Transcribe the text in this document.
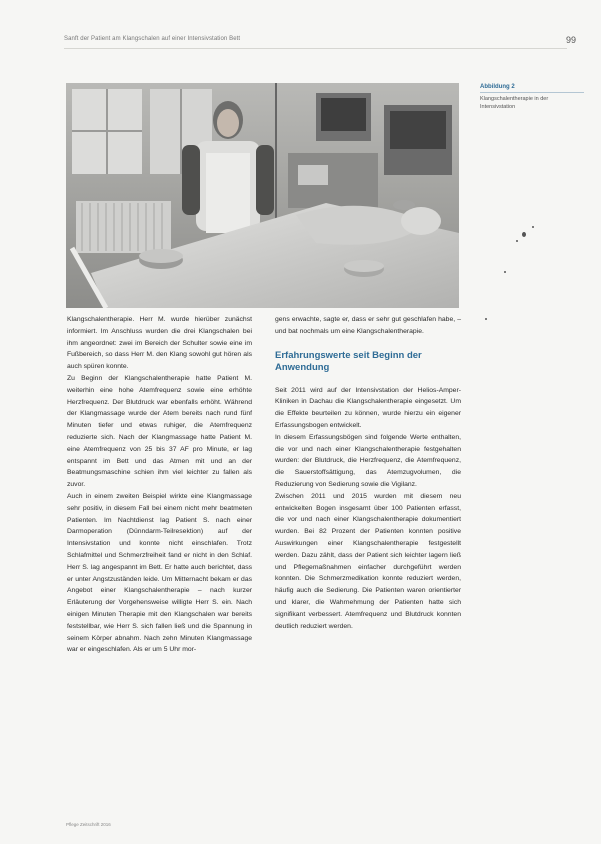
Sanft der Patient am Klangschalen auf einer Intensivstation Bett	99
Abbildung 2
Klangschalentherapie in der Intensivstation

Klangschalentherapie. Herr M. wurde hierüber zunächst informiert. Im Anschluss wurden die drei Klangschalen bei ihm angeordnet: zwei im Bereich der Schulter sowie eine im Fußbereich, so dass Herr M. den Klang sowohl gut hören als auch spüren konnte.

Zu Beginn der Klangschalentherapie hatte Patient M. weiterhin eine hohe Atemfrequenz sowie eine erhöhte Herzfrequenz. Der Blutdruck war ebenfalls erhöht. Während der Klangmassage wurde der Atem bereits nach rund fünf Minuten tiefer und etwas ruhiger, die Atemfrequenz reduzierte sich. Nach der Klangmassage hatte Patient M. eine Atemfrequenz von 25 bis 37 AF pro Minute, er lag entspannt im Bett und das Atmen mit und an der Beatmungsmaschine schien ihm viel leichter zu fallen als zuvor.

Auch in einem zweiten Beispiel wirkte eine Klangmassage sehr positiv, in diesem Fall bei einem nicht mehr beatmeten Patienten. Im Nachtdienst lag Patient S. nach einer Darmoperation (Dünndarm-Teilresektion) auf der Intensivstation und konnte nicht einschlafen. Trotz Schlafmittel und Schmerzfreiheit fand er nicht in den Schlaf. Herr S. lag angespannt im Bett. Er hatte auch berichtet, dass er unter Angstzuständen leide. Um Mitternacht bekam er das Angebot einer Klangschalentherapie – nach kurzer Erläuterung der Vorgehensweise willigte Herr S. ein. Nach einigen Minuten Therapie mit den Klangschalen war bereits feststellbar, wie Herr S. sich fallen ließ und die Spannung in seinem Körper abnahm. Nach zehn Minuten Klangmassage war er eingeschlafen. Als er um 5 Uhr mor-

gens erwachte, sagte er, dass er sehr gut geschlafen habe, – und bat nochmals um eine Klangschalentherapie.

Erfahrungswerte seit Beginn der Anwendung

Seit 2011 wird auf der Intensivstation der Helios-Amper-Kliniken in Dachau die Klangschalentherapie eingesetzt. Um die Effekte beurteilen zu können, wurde hierzu ein eigener Erfassungsbogen entwickelt.

In diesem Erfassungsbögen sind folgende Werte enthalten, die vor und nach einer Klangschalentherapie festgehalten wurden: der Blutdruck, die Herzfrequenz, die Atemfrequenz, die Sauerstoffsättigung, das Atemzugvolumen, die Reduzierung von Sedierung sowie die Vigilanz.

Zwischen 2011 und 2015 wurden mit diesem neu entwickelten Bogen insgesamt über 100 Patienten erfasst, die vor und nach einer Klangschalentherapie dokumentiert wurden. Bei 82 Prozent der Patienten konnten positive Auswirkungen einer Klangschalentherapie festgestellt werden. Dazu zählt, dass der Patient sich leichter lagern ließ und Pflegemaßnahmen einfacher durchgeführt werden konnten. Die Schmerzmedikation konnte reduziert werden, häufig auch die Sedierung. Die Patienten waren orientierter und klarer, die Wahrnehmung der Patienten hatte sich signifikant verbessert. Atemfrequenz und Blutdruck konnten deutlich reduziert werden.

Pflege Zeitschrift 2016
